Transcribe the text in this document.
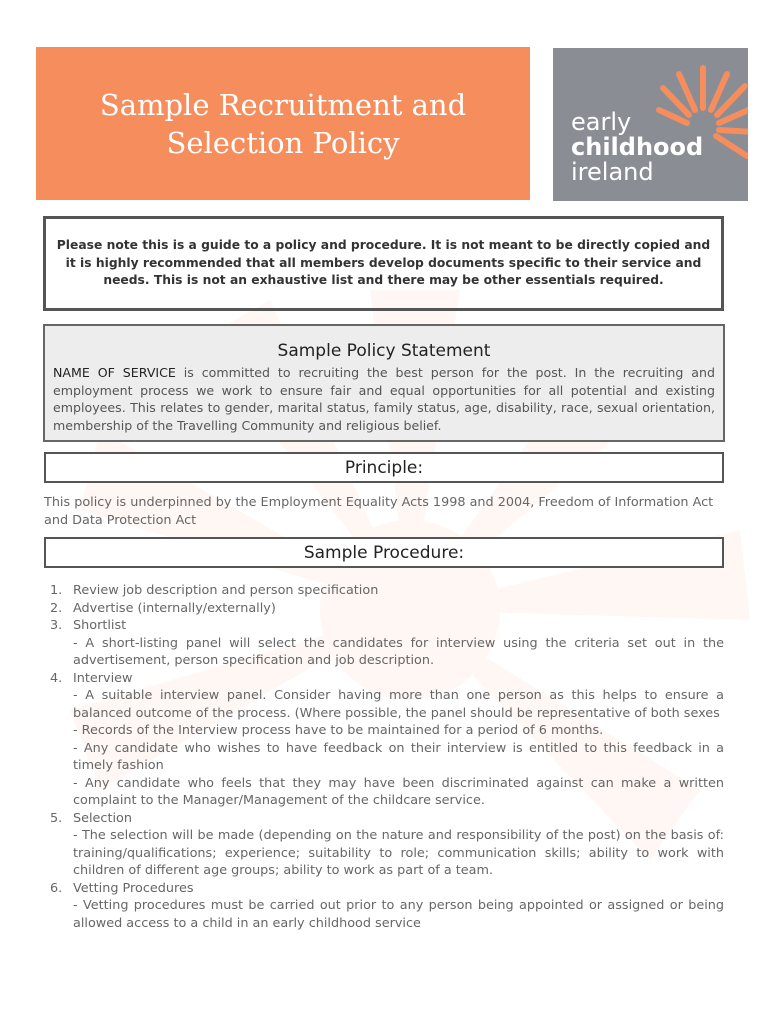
Sample Recruitment and
Selection Policy
early
childhood
ireland

Please note this is a guide to a policy and procedure. It is not meant to be directly copied and it is highly recommended that all members develop documents specific to their service and needs. This is not an exhaustive list and there may be other essentials required.

Sample Policy Statement

NAME OF SERVICE is committed to recruiting the best person for the post. In the recruiting and employment process we work to ensure fair and equal opportunities for all potential and existing employees. This relates to gender, marital status, family status, age, disability, race, sexual orientation, membership of the Travelling Community and religious belief.

Principle:
This policy is underpinned by the Employment Equality Acts 1998 and 2004, Freedom of Information Act and Data Protection Act
Sample Procedure:
1. Review job description and person specification
2. Advertise (internally/externally)
3. Shortlist
- A short-listing panel will select the candidates for interview using the criteria set out in the advertisement, person specification and job description.
4. Interview
- A suitable interview panel. Consider having more than one person as this helps to ensure a balanced outcome of the process. (Where possible, the panel should be representative of both sexes
- Records of the Interview process have to be maintained for a period of 6 months.
- Any candidate who wishes to have feedback on their interview is entitled to this feedback in a timely fashion
- Any candidate who feels that they may have been discriminated against can make a written complaint to the Manager/Management of the childcare service.
5. Selection
- The selection will be made (depending on the nature and responsibility of the post) on the basis of: training/qualifications; experience; suitability to role; communication skills; ability to work with children of different age groups; ability to work as part of a team.
6. Vetting Procedures
- Vetting procedures must be carried out prior to any person being appointed or assigned or being allowed access to a child in an early childhood service
